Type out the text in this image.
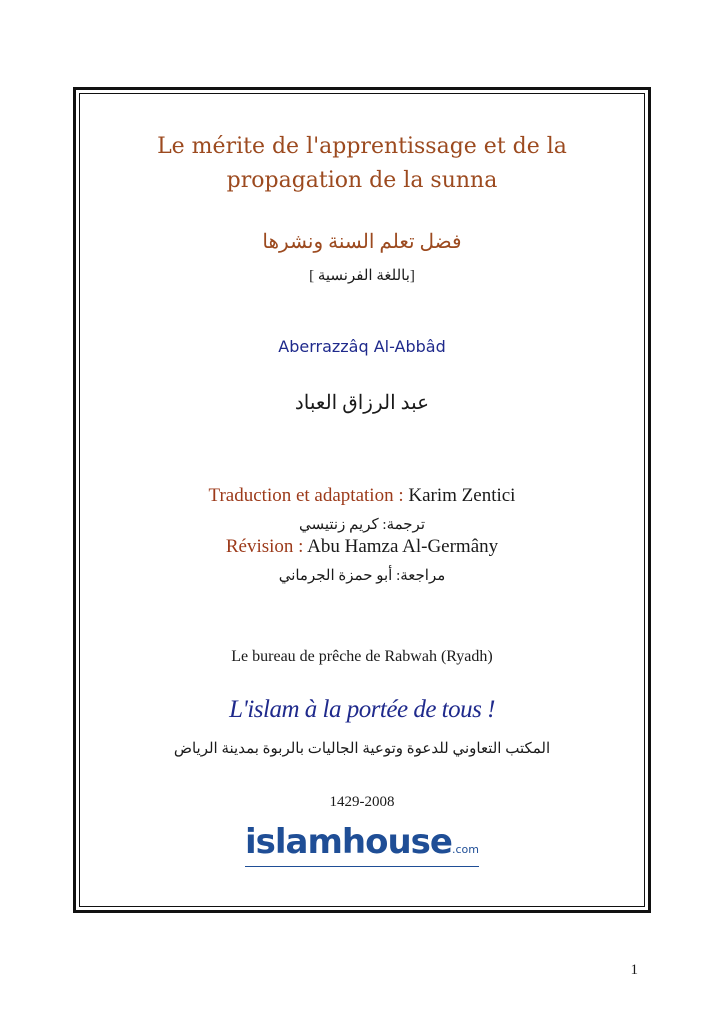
Le mérite de l'apprentissage et de la propagation de la sunna
فضل تعلم السنة ونشرها
[ باللغة الفرنسية]
Aberrazzâq Al-Abbâd
عبد الرزاق العباد
Traduction et adaptation : Karim Zentici
ترجمة: كريم زنتيسي
Révision : Abu Hamza Al-Germâny
مراجعة: أبو حمزة الجرماني
Le bureau de prêche de Rabwah (Ryadh)
L'islam à la portée de tous !
المكتب التعاوني للدعوة وتوعية الجاليات بالربوة بمدينة الرياض
1429-2008
islamhouse.com
1
